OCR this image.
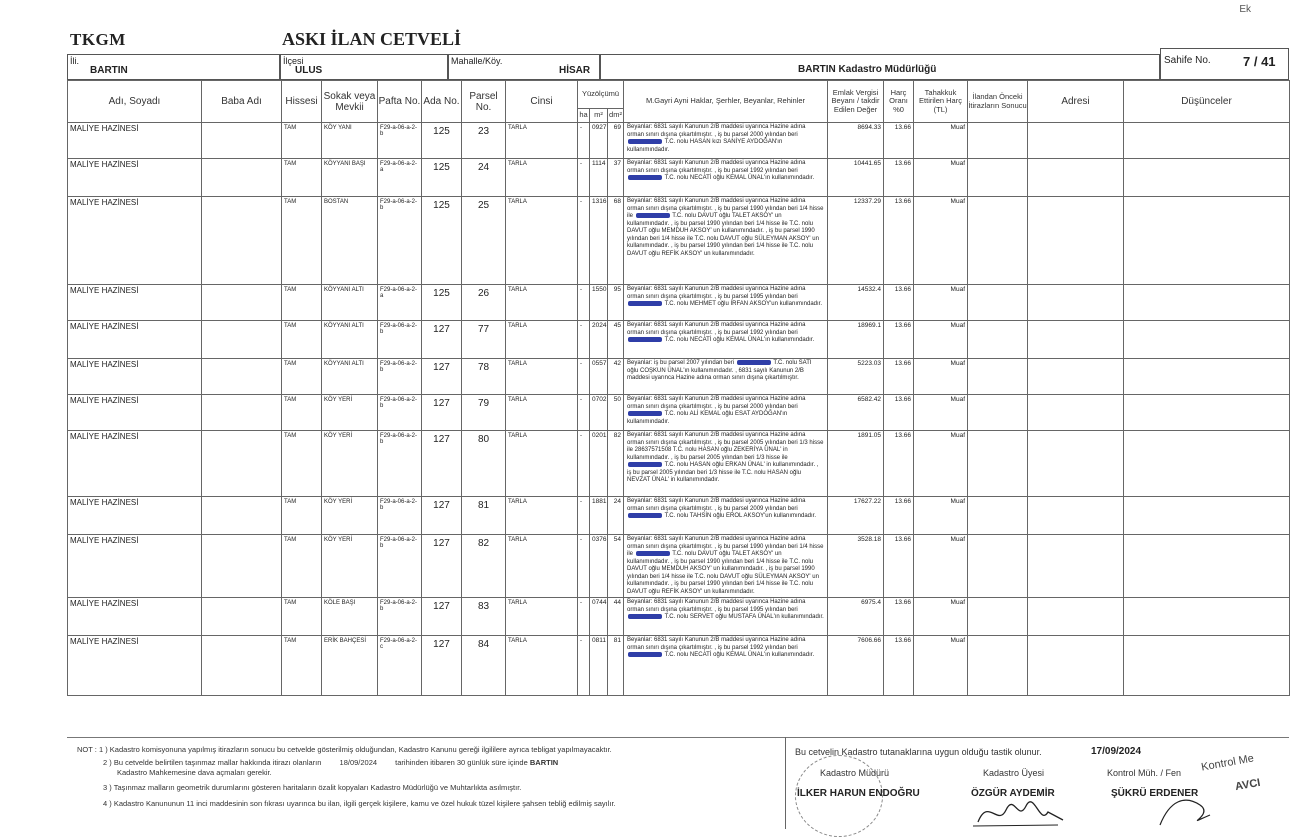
Ek
TKGM	ASKI İLAN CETVELİ
İli.
BARTIN
İlçesi
ULUS
Mahalle/Köy.
HİSAR	BARTIN Kadastro Müdürlüğü
Sahife No. 7 / 41
Adı, Soyadı	Baba Adı	Hissesi	Sokak veya Mevkii	Pafta No.	Ada No.	Parsel No.	Cinsi	Yüzölçümü			M.Gayri Ayni Haklar, Şerhler, Beyanlar, Rehinler	Emlak Vergisi Beyanı / takdir Edilen Değer	Harç Oranı %0	Tahakkuk Ettirilen Harç (TL)	İlandan Önceki İtirazların Sonucu	Adresi	Düşünceler
								ha	m²	dm²							
MALİYE HAZİNESİ		TAM	KÖY YANI	F29-a-06-a-2-b	125	23	TARLA	-	0927	69	Beyanlar: 6831 sayılı Kanunun 2/B maddesi uyarınca Hazine adına orman sınırı dışına çıkartılmıştır. , iş bu parsel 2000 yılından beri  T.C. nolu HASAN kızı SANİYE AYDOĞAN'ın kullanımındadır.	8694.33	13.66	Muaf			
MALİYE HAZİNESİ		TAM	KÖYYANI BAŞI	F29-a-06-a-2-a	125	24	TARLA	-	1114	37	Beyanlar: 6831 sayılı Kanunun 2/B maddesi uyarınca Hazine adına orman sınırı dışına çıkartılmıştır. , iş bu parsel 1992 yılından beri  T.C. nolu NECATİ oğlu KEMAL ÜNAL'ın kullanımındadır.	10441.65	13.66	Muaf			
MALİYE HAZİNESİ		TAM	BOSTAN	F29-a-06-a-2-b	125	25	TARLA	-	1316	68	Beyanlar: 6831 sayılı Kanunun 2/B maddesi uyarınca Hazine adına orman sınırı dışına çıkartılmıştır. , iş bu parsel 1990 yılından beri 1/4 hisse ile T.C. nolu DAVUT oğlu TALET AKSOY' un kullanımındadır. , iş bu parsel 1990 yılından beri 1/4 hisse ile T.C. nolu DAVUT oğlu MEMDUH AKSOY' un kullanımındadır. , iş bu parsel 1990 yılından beri 1/4 hisse ile T.C. nolu DAVUT oğlu SÜLEYMAN AKSOY' un kullanımındadır. , iş bu parsel 1990 yılından beri 1/4 hisse ile T.C. nolu DAVUT oğlu REFİK AKSOY' un kullanımındadır.	12337.29	13.66	Muaf			
MALİYE HAZİNESİ		TAM	KÖYYANI ALTI	F29-a-06-a-2-a	125	26	TARLA	-	1550	95	Beyanlar: 6831 sayılı Kanunun 2/B maddesi uyarınca Hazine adına orman sınırı dışına çıkartılmıştır. , iş bu parsel 1995 yılından beri  T.C. nolu MEHMET oğlu İRFAN AKSOY'un kullanımındadır.	14532.4	13.66	Muaf			
MALİYE HAZİNESİ		TAM	KÖYYANI ALTI	F29-a-06-a-2-b	127	77	TARLA	-	2024	45	Beyanlar: 6831 sayılı Kanunun 2/B maddesi uyarınca Hazine adına orman sınırı dışına çıkartılmıştır. , iş bu parsel 1992 yılından beri  T.C. nolu NECATİ oğlu KEMAL ÜNAL'ın kullanımındadır.	18969.1	13.66	Muaf			
MALİYE HAZİNESİ		TAM	KÖYYANI ALTI	F29-a-06-a-2-b	127	78	TARLA	-	0557	42	Beyanlar: iş bu parsel 2007 yılından beri T.C. nolu SATI oğlu COŞKUN ÜNAL'ın kullanımındadır. , 6831 sayılı Kanunun 2/B maddesi uyarınca Hazine adına orman sınırı dışına çıkartılmıştır.	5223.03	13.66	Muaf			
MALİYE HAZİNESİ		TAM	KÖY YERİ	F29-a-06-a-2-b	127	79	TARLA	-	0702	50	Beyanlar: 6831 sayılı Kanunun 2/B maddesi uyarınca Hazine adına orman sınırı dışına çıkartılmıştır. , iş bu parsel 2000 yılından beri  T.C. nolu ALİ KEMAL oğlu ESAT AYDOĞAN'ın kullanımındadır.	6582.42	13.66	Muaf			
MALİYE HAZİNESİ		TAM	KÖY YERİ	F29-a-06-a-2-b	127	80	TARLA	-	0201	82	Beyanlar: 6831 sayılı Kanunun 2/B maddesi uyarınca Hazine adına orman sınırı dışına çıkartılmıştır. , iş bu parsel 2005 yılından beri 1/3 hisse ile 28637571508 T.C. nolu HASAN oğlu ZEKERİYA ÜNAL' in kullanımındadır. , iş bu parsel 2005 yılından beri 1/3 hisse ile  T.C. nolu HASAN oğlu ERKAN ÜNAL' in kullanımındadır. , iş bu parsel 2005 yılından beri 1/3 hisse ile T.C. nolu HASAN oğlu NEVZAT ÜNAL' in kullanımındadır.	1891.05	13.66	Muaf			
MALİYE HAZİNESİ		TAM	KÖY YERİ	F29-a-06-a-2-b	127	81	TARLA	-	1881	24	Beyanlar: 6831 sayılı Kanunun 2/B maddesi uyarınca Hazine adına orman sınırı dışına çıkartılmıştır. , iş bu parsel 2009 yılından beri  T.C. nolu TAHSİN oğlu EROL AKSOY'un kullanımındadır.	17627.22	13.66	Muaf			
MALİYE HAZİNESİ		TAM	KÖY YERİ	F29-a-06-a-2-b	127	82	TARLA	-	0376	54	Beyanlar: 6831 sayılı Kanunun 2/B maddesi uyarınca Hazine adına orman sınırı dışına çıkartılmıştır. , iş bu parsel 1990 yılından beri 1/4 hisse ile T.C. nolu DAVUT oğlu TALET AKSOY' un kullanımındadır. , iş bu parsel 1990 yılından beri 1/4 hisse ile T.C. nolu DAVUT oğlu MEMDUH AKSOY' un kullanımındadır. , iş bu parsel 1990 yılından beri 1/4 hisse ile T.C. nolu DAVUT oğlu SÜLEYMAN AKSOY' un kullanımındadır. , iş bu parsel 1990 yılından beri 1/4 hisse ile T.C. nolu DAVUT oğlu REFİK AKSOY' un kullanımındadır.	3528.18	13.66	Muaf			
MALİYE HAZİNESİ		TAM	KÖLE BAŞI	F29-a-06-a-2-b	127	83	TARLA	-	0744	44	Beyanlar: 6831 sayılı Kanunun 2/B maddesi uyarınca Hazine adına orman sınırı dışına çıkartılmıştır. , iş bu parsel 1995 yılından beri  T.C. nolu SERVET oğlu MUSTAFA ÜNAL'ın kullanımındadır.	6975.4	13.66	Muaf			
MALİYE HAZİNESİ		TAM	ERİK BAHÇESİ	F29-a-06-a-2-c	127	84	TARLA	-	0811	81	Beyanlar: 6831 sayılı Kanunun 2/B maddesi uyarınca Hazine adına orman sınırı dışına çıkartılmıştır. , iş bu parsel 1992 yılından beri  T.C. nolu NECATİ oğlu KEMAL ÜNAL'ın kullanımındadır.	7606.66	13.66	Muaf			
NOT : 1 ) Kadastro komisyonuna yapılmış itirazların sonucu bu cetvelde gösterilmiş olduğundan, Kadastro Kanunu gereği ilgililere ayrıca tebligat yapılmayacaktır.
2 ) Bu cetvelde belirtilen taşınmaz mallar hakkında itirazı olanların 18/09/2024 tarihinden itibaren 30 günlük süre içinde BARTIN
Kadastro Mahkemesine dava açmaları gerekir.
3 ) Taşınmaz malların geometrik durumlarını gösteren haritaların özalit kopyaları Kadastro Müdürlüğü ve Muhtarlıkta asılmıştır.
4 ) Kadastro Kanununun 11 inci maddesinin son fıkrası uyarınca bu ilan, ilgili gerçek kişilere, kamu ve özel hukuk tüzel kişilere şahsen tebliğ edilmiş sayılır.
Bu cetvelin Kadastro tutanaklarına uygun olduğu tastik olunur.	17/09/2024
Kadastro Müdürü
İLKER HARUN ENDOĞRU
Kadastro Üyesi
ÖZGÜR AYDEMİR
Kontrol Müh. / Fen
ŞÜKRÜ ERDENER
Kontrol Me
AVCI
